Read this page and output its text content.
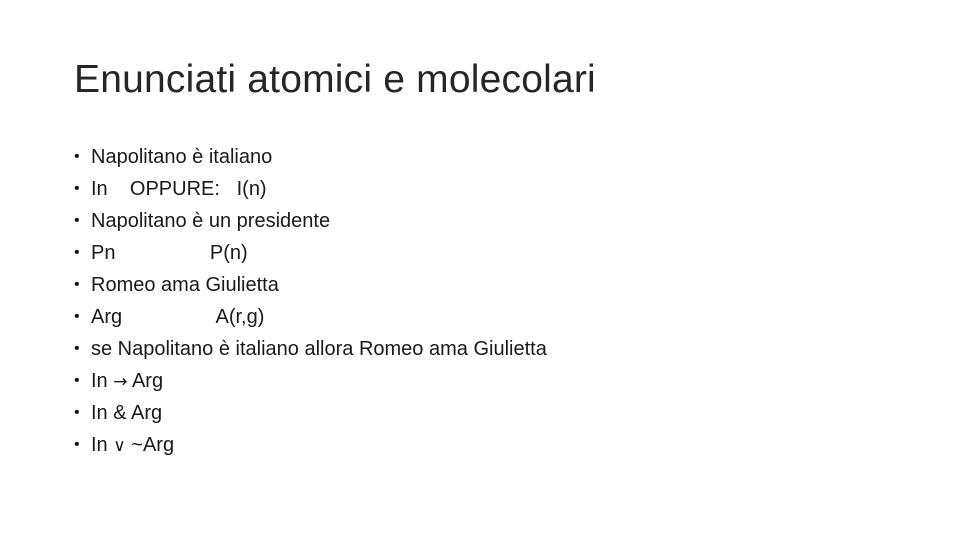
Enunciati atomici e molecolari
• Napolitano è italiano
• In    OPPURE:   I(n)
• Napolitano è un presidente
• Pn                 P(n)
• Romeo ama Giulietta
• Arg                 A(r,g)
• se Napolitano è italiano allora Romeo ama Giulietta
• In → Arg
• In & Arg
• In ∨ ~Arg
